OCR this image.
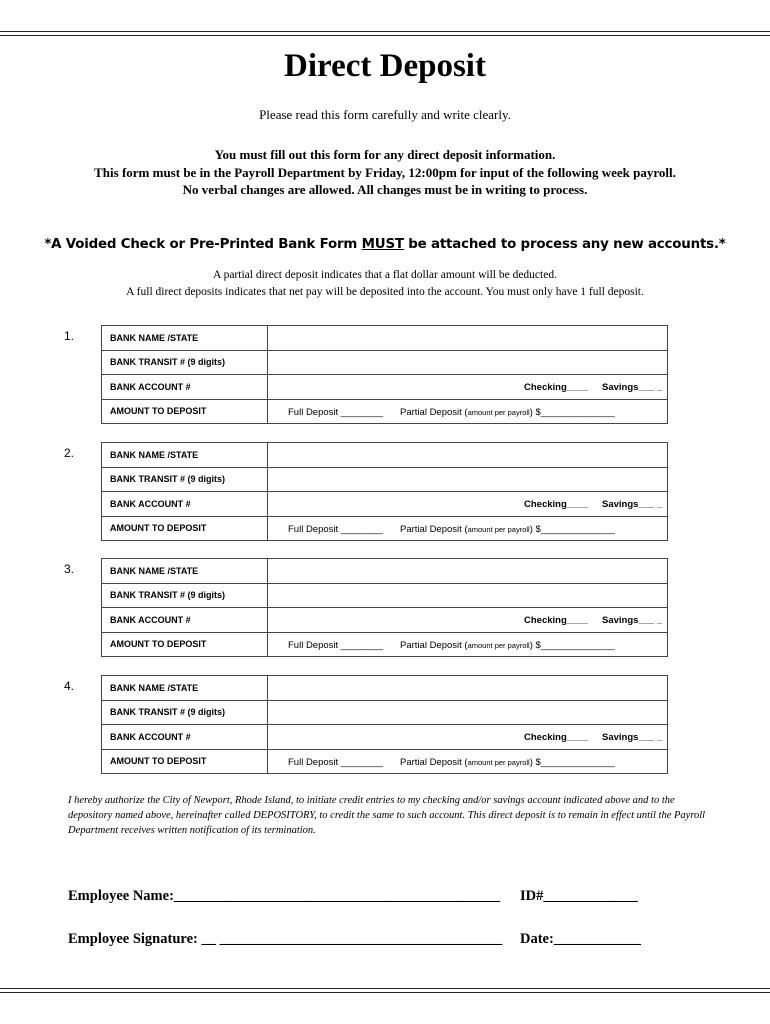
Direct Deposit
Please read this form carefully and write clearly.
You must fill out this form for any direct deposit information.
This form must be in the Payroll Department by Friday, 12:00pm for input of the following week payroll.
No verbal changes are allowed. All changes must be in writing to process.
*A Voided Check or Pre-Printed Bank Form MUST be attached to process any new accounts.*
A partial direct deposit indicates that a flat dollar amount will be deducted.
A full direct deposits indicates that net pay will be deposited into the account. You must only have 1 full deposit.
1.	BANK NAME /STATE	
BANK TRANSIT # (9 digits)	
BANK ACCOUNT #	Checking____ Savings___ _

AMOUNT TO DEPOSIT	Full Deposit ________ Partial Deposit (amount per payroll) $______________
2.	BANK NAME /STATE	
BANK TRANSIT # (9 digits)	
BANK ACCOUNT #	Checking____ Savings___ _

AMOUNT TO DEPOSIT	Full Deposit ________ Partial Deposit (amount per payroll) $______________
3.	BANK NAME /STATE	
BANK TRANSIT # (9 digits)	
BANK ACCOUNT #	Checking____ Savings___ _

AMOUNT TO DEPOSIT	Full Deposit ________ Partial Deposit (amount per payroll) $______________
4.	BANK NAME /STATE	
BANK TRANSIT # (9 digits)	
BANK ACCOUNT #	Checking____ Savings___ _

AMOUNT TO DEPOSIT	Full Deposit ________ Partial Deposit (amount per payroll) $______________
I hereby authorize the City of Newport, Rhode Island, to initiate credit entries to my checking and/or savings account indicated above and to the depository named above, hereinafter called DEPOSITORY, to credit the same to such account. This direct deposit is to remain in effect until the Payroll Department receives written notification of its termination.
Employee Name:_____________________________________________ ID#_____________
Employee Signature: __ _______________________________________ Date:____________
